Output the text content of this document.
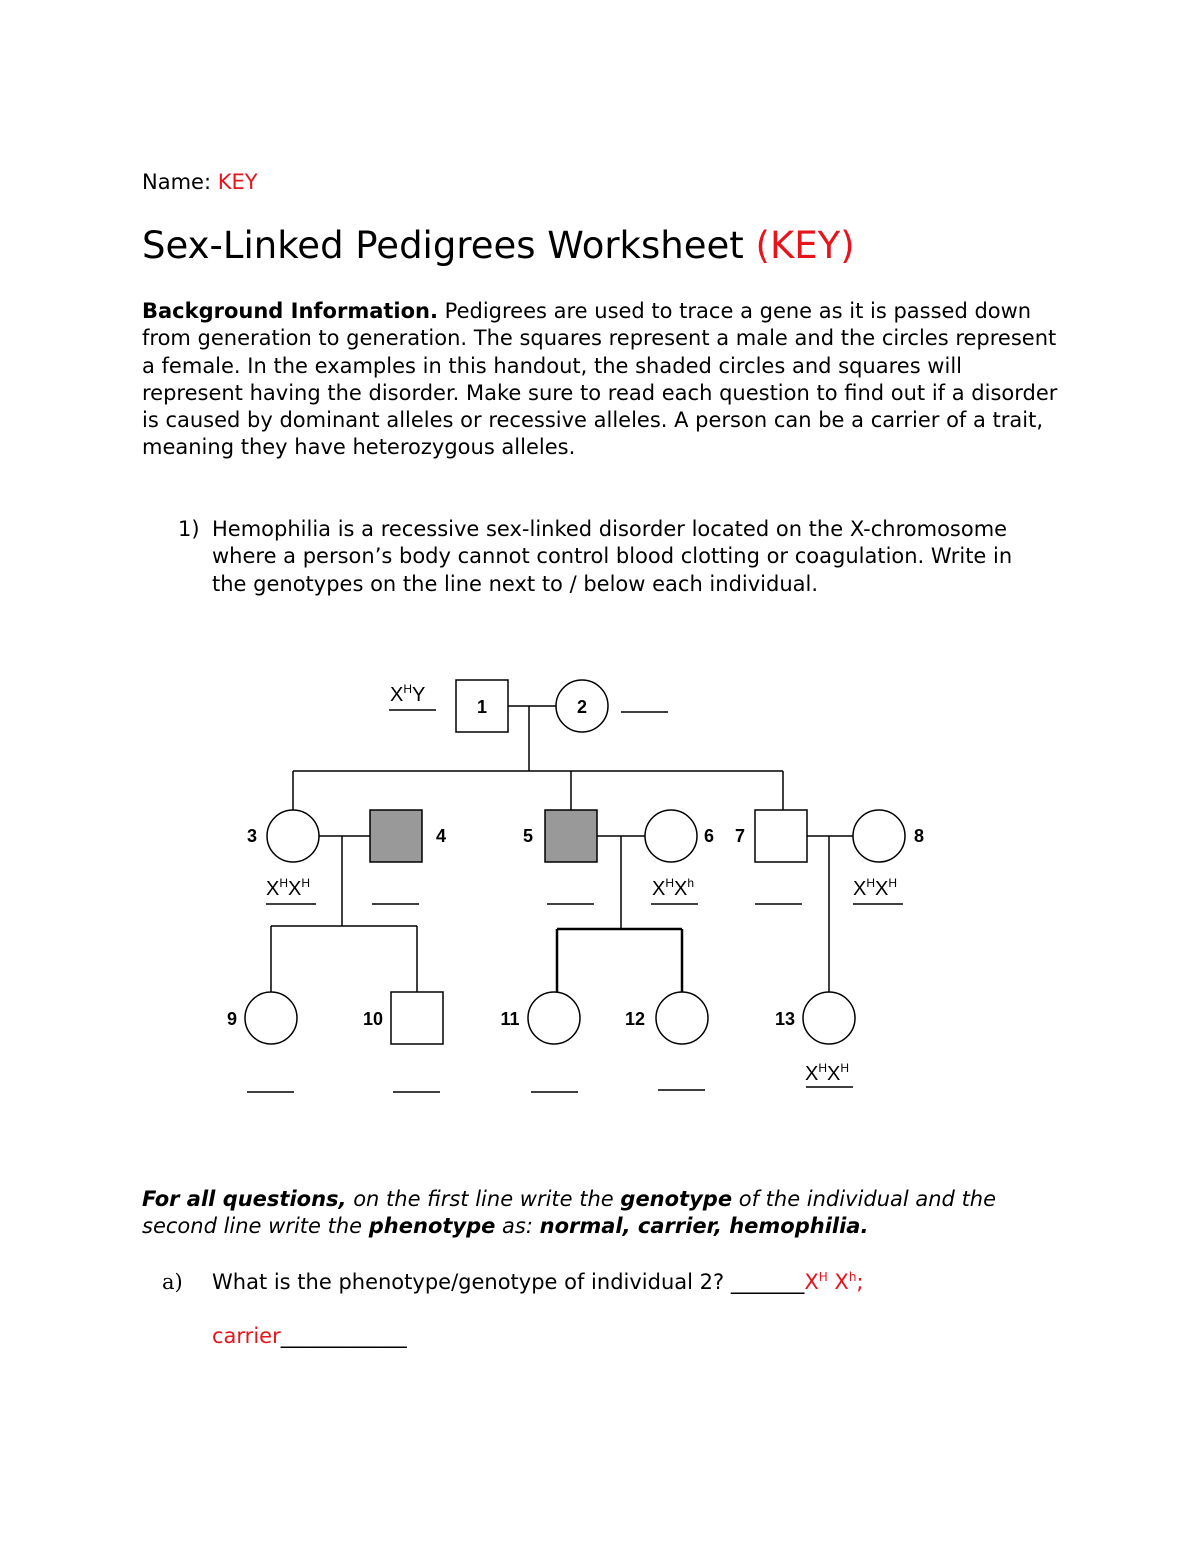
Name: KEY
Sex-Linked Pedigrees Worksheet (KEY)

Background Information. Pedigrees are used to trace a gene as it is passed down from generation to generation. The squares represent a male and the circles represent a female. In the examples in this handout, the shaded circles and squares will represent having the disorder. Make sure to read each question to find out if a disorder is caused by dominant alleles or recessive alleles. A person can be a carrier of a trait, meaning they have heterozygous alleles.

1) Hemophilia is a recessive sex-linked disorder located on the X-chromosome where a person’s body cannot control blood clotting or coagulation. Write in the genotypes on the line next to / below each individual.
1	2
3	4	5	6 7	8
9	10	11	12	13
$X^HY$
$X^HX^H$	$X^HX^h$	$X^HX^H$
$X^HX^H$

For all questions, on the first line write the genotype of the individual and the second line write the phenotype as: normal, carrier, hemophilia.

a) What is the phenotype/genotype of individual 2? $\_\_\_\_\_\_\_X^H$ $X^h$;
carrier____________
